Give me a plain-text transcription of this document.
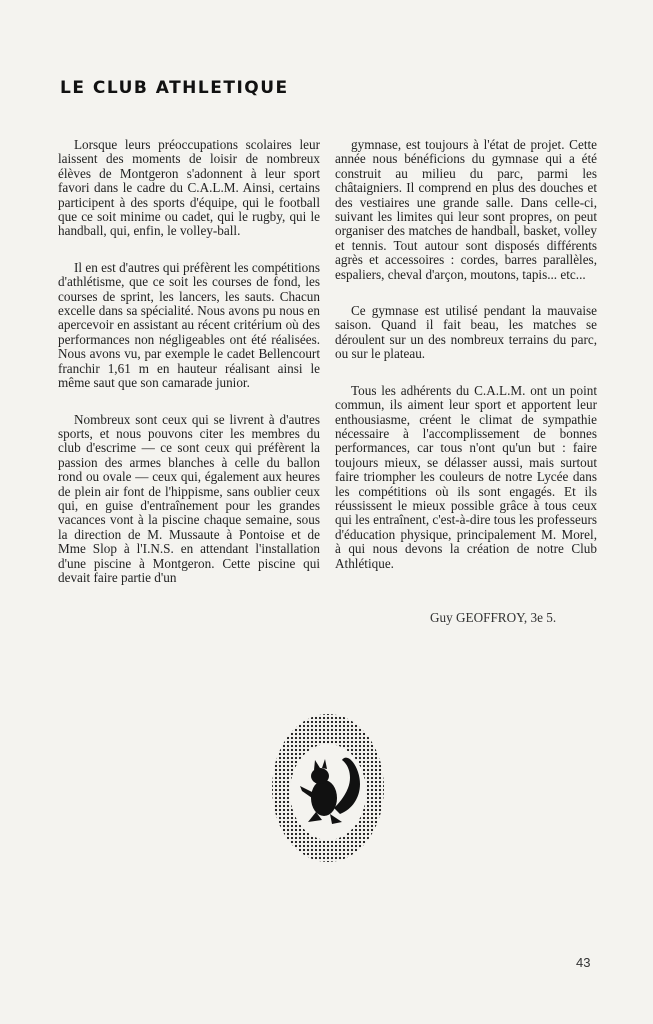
LE CLUB ATHLETIQUE

Lorsque leurs préoccupations scolaires leur laissent des moments de loisir de nombreux élèves de Montgeron s'adonnent à leur sport favori dans le cadre du C.A.L.M. Ainsi, certains participent à des sports d'équipe, qui le football que ce soit minime ou cadet, qui le rugby, qui le handball, qui, enfin, le volley-ball.

Il en est d'autres qui préfèrent les compétitions d'athlétisme, que ce soit les courses de fond, les courses de sprint, les lancers, les sauts. Chacun excelle dans sa spécialité. Nous avons pu nous en apercevoir en assistant au récent critérium où des performances non négligeables ont été réalisées. Nous avons vu, par exemple le cadet Bellencourt franchir 1,61 m en hauteur réalisant ainsi le même saut que son camarade junior.

Nombreux sont ceux qui se livrent à d'autres sports, et nous pouvons citer les membres du club d'escrime — ce sont ceux qui préfèrent la passion des armes blanches à celle du ballon rond ou ovale — ceux qui, également aux heures de plein air font de l'hippisme, sans oublier ceux qui, en guise d'entraînement pour les grandes vacances vont à la piscine chaque semaine, sous la direction de M. Mussaute à Pontoise et de Mme Slop à l'I.N.S. en attendant l'installation d'une piscine à Montgeron. Cette piscine qui devait faire partie d'un

gymnase, est toujours à l'état de projet. Cette année nous bénéficions du gymnase qui a été construit au milieu du parc, parmi les châtaigniers. Il comprend en plus des douches et des vestiaires une grande salle. Dans celle-ci, suivant les limites qui leur sont propres, on peut organiser des matches de handball, basket, volley et tennis. Tout autour sont disposés différents agrès et accessoires : cordes, barres parallèles, espaliers, cheval d'arçon, moutons, tapis... etc...

Ce gymnase est utilisé pendant la mauvaise saison. Quand il fait beau, les matches se déroulent sur un des nombreux terrains du parc, ou sur le plateau.

Tous les adhérents du C.A.L.M. ont un point commun, ils aiment leur sport et apportent leur enthousiasme, créent le climat de sympathie nécessaire à l'accomplissement de bonnes performances, car tous n'ont qu'un but : faire toujours mieux, se délasser aussi, mais surtout faire triompher les couleurs de notre Lycée dans les compétitions où ils sont engagés. Et ils réussissent le mieux possible grâce à tous ceux qui les entraînent, c'est-à-dire tous les professeurs d'éducation physique, principalement M. Morel, à qui nous devons la création de notre Club Athlétique.

Guy GEOFFROY, 3e 5.
43
